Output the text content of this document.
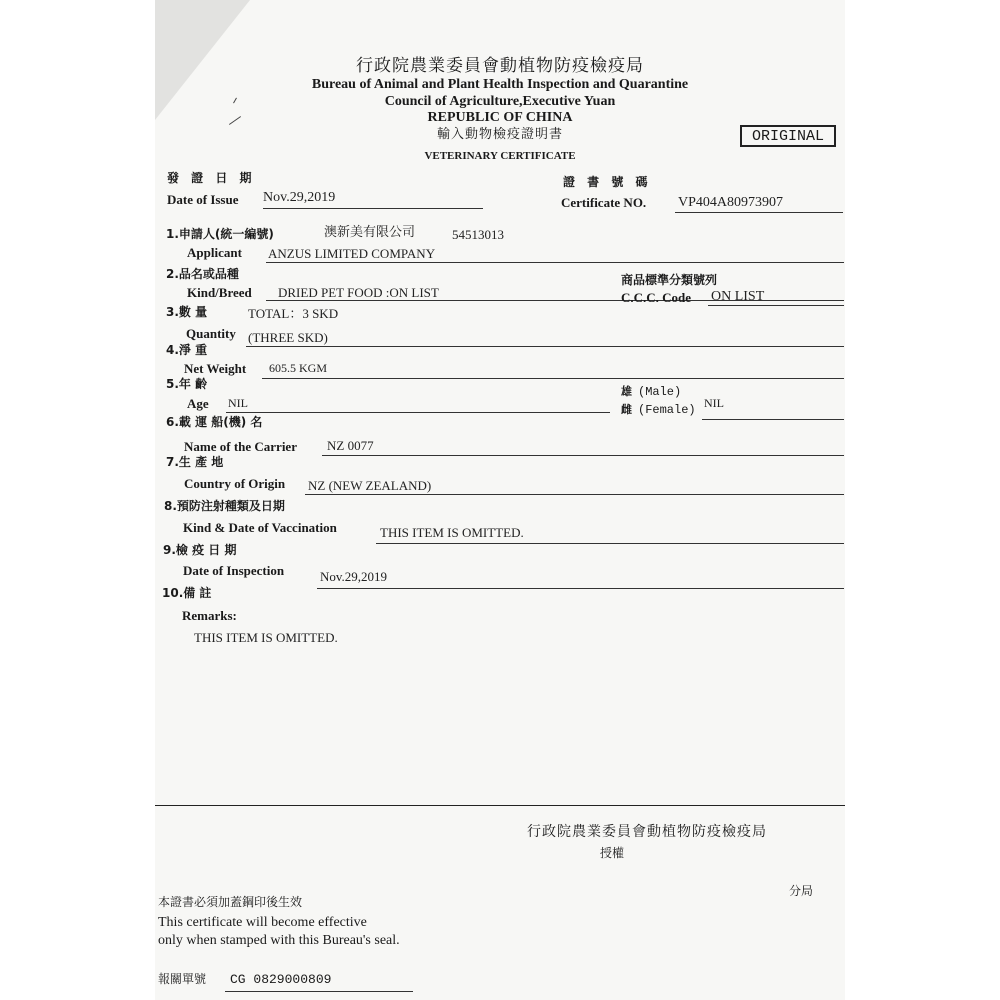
行政院農業委員會動植物防疫檢疫局
Bureau of Animal and Plant Health Inspection and Quarantine
Council of Agriculture,Executive Yuan
REPUBLIC OF CHINA
輸入動物檢疫證明書
VETERINARY CERTIFICATE
ORIGINAL
發 證 日 期
Date of Issue Nov.29,2019
證 書 號 碼
Certificate NO. VP404A80973907
1.申請人(統一編號)	澳新美有限公司	54513013
Applicant ANZUS LIMITED COMPANY
2.品名或品種
Kind/Breed DRIED PET FOOD :ON LIST
商品標準分類號列
C.C.C. Code ON LIST
3.數 量	TOTAL：3 SKD
Quantity (THREE SKD)
4.淨 重
Net Weight 605.5 KGM
5.年 齡
Age NIL
雄 (Male)
雌 (Female) NIL
6.載 運 船(機) 名
Name of the Carrier NZ 0077
7.生 產 地
Country of Origin NZ (NEW ZEALAND)
8.預防注射種類及日期
Kind & Date of Vaccination	THIS ITEM IS OMITTED.
9.檢 疫 日 期
Date of Inspection	Nov.29,2019
10.備 註
Remarks:
THIS ITEM IS OMITTED.
行政院農業委員會動植物防疫檢疫局
授權
分局
本證書必須加蓋鋼印後生效
This certificate will become effective
only when stamped with this Bureau's seal.
報關單號 CG 0829000809
